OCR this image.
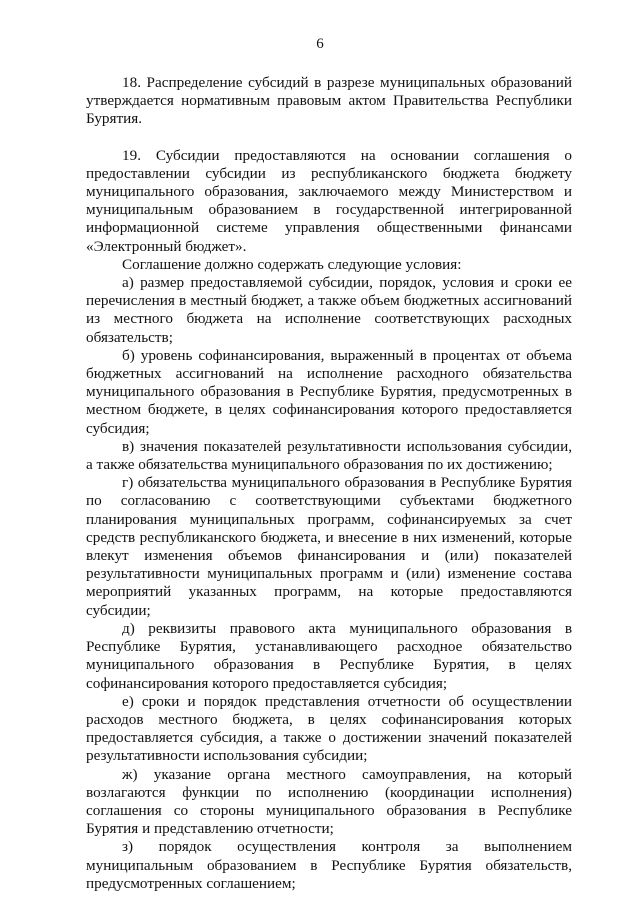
6

18. Распределение субсидий в разрезе муниципальных образований утверждается нормативным правовым актом Правительства Республики Бурятия.

19. Субсидии предоставляются на основании соглашения о предоставлении субсидии из республиканского бюджета бюджету муниципального образования, заключаемого между Министерством и муниципальным образованием в государственной интегрированной информационной системе управления общественными финансами «Электронный бюджет».

Соглашение должно содержать следующие условия:

а) размер предоставляемой субсидии, порядок, условия и сроки ее перечисления в местный бюджет, а также объем бюджетных ассигнований из местного бюджета на исполнение соответствующих расходных обязательств;

б) уровень софинансирования, выраженный в процентах от объема бюджетных ассигнований на исполнение расходного обязательства муниципального образования в Республике Бурятия, предусмотренных в местном бюджете, в целях софинансирования которого предоставляется субсидия;

в) значения показателей результативности использования субсидии, а также обязательства муниципального образования по их достижению;

г) обязательства муниципального образования в Республике Бурятия по согласованию с соответствующими субъектами бюджетного планирования муниципальных программ, софинансируемых за счет средств республиканского бюджета, и внесение в них изменений, которые влекут изменения объемов финансирования и (или) показателей результативности муниципальных программ и (или) изменение состава мероприятий указанных программ, на которые предоставляются субсидии;

д) реквизиты правового акта муниципального образования в Республике Бурятия, устанавливающего расходное обязательство муниципального образования в Республике Бурятия, в целях софинансирования которого предоставляется субсидия;

е) сроки и порядок представления отчетности об осуществлении расходов местного бюджета, в целях софинансирования которых предоставляется субсидия, а также о достижении значений показателей результативности использования субсидии;

ж) указание органа местного самоуправления, на который возлагаются функции по исполнению (координации исполнения) соглашения со стороны муниципального образования в Республике Бурятия и представлению отчетности;

з) порядок осуществления контроля за выполнением муниципальным образованием в Республике Бурятия обязательств, предусмотренных соглашением;
